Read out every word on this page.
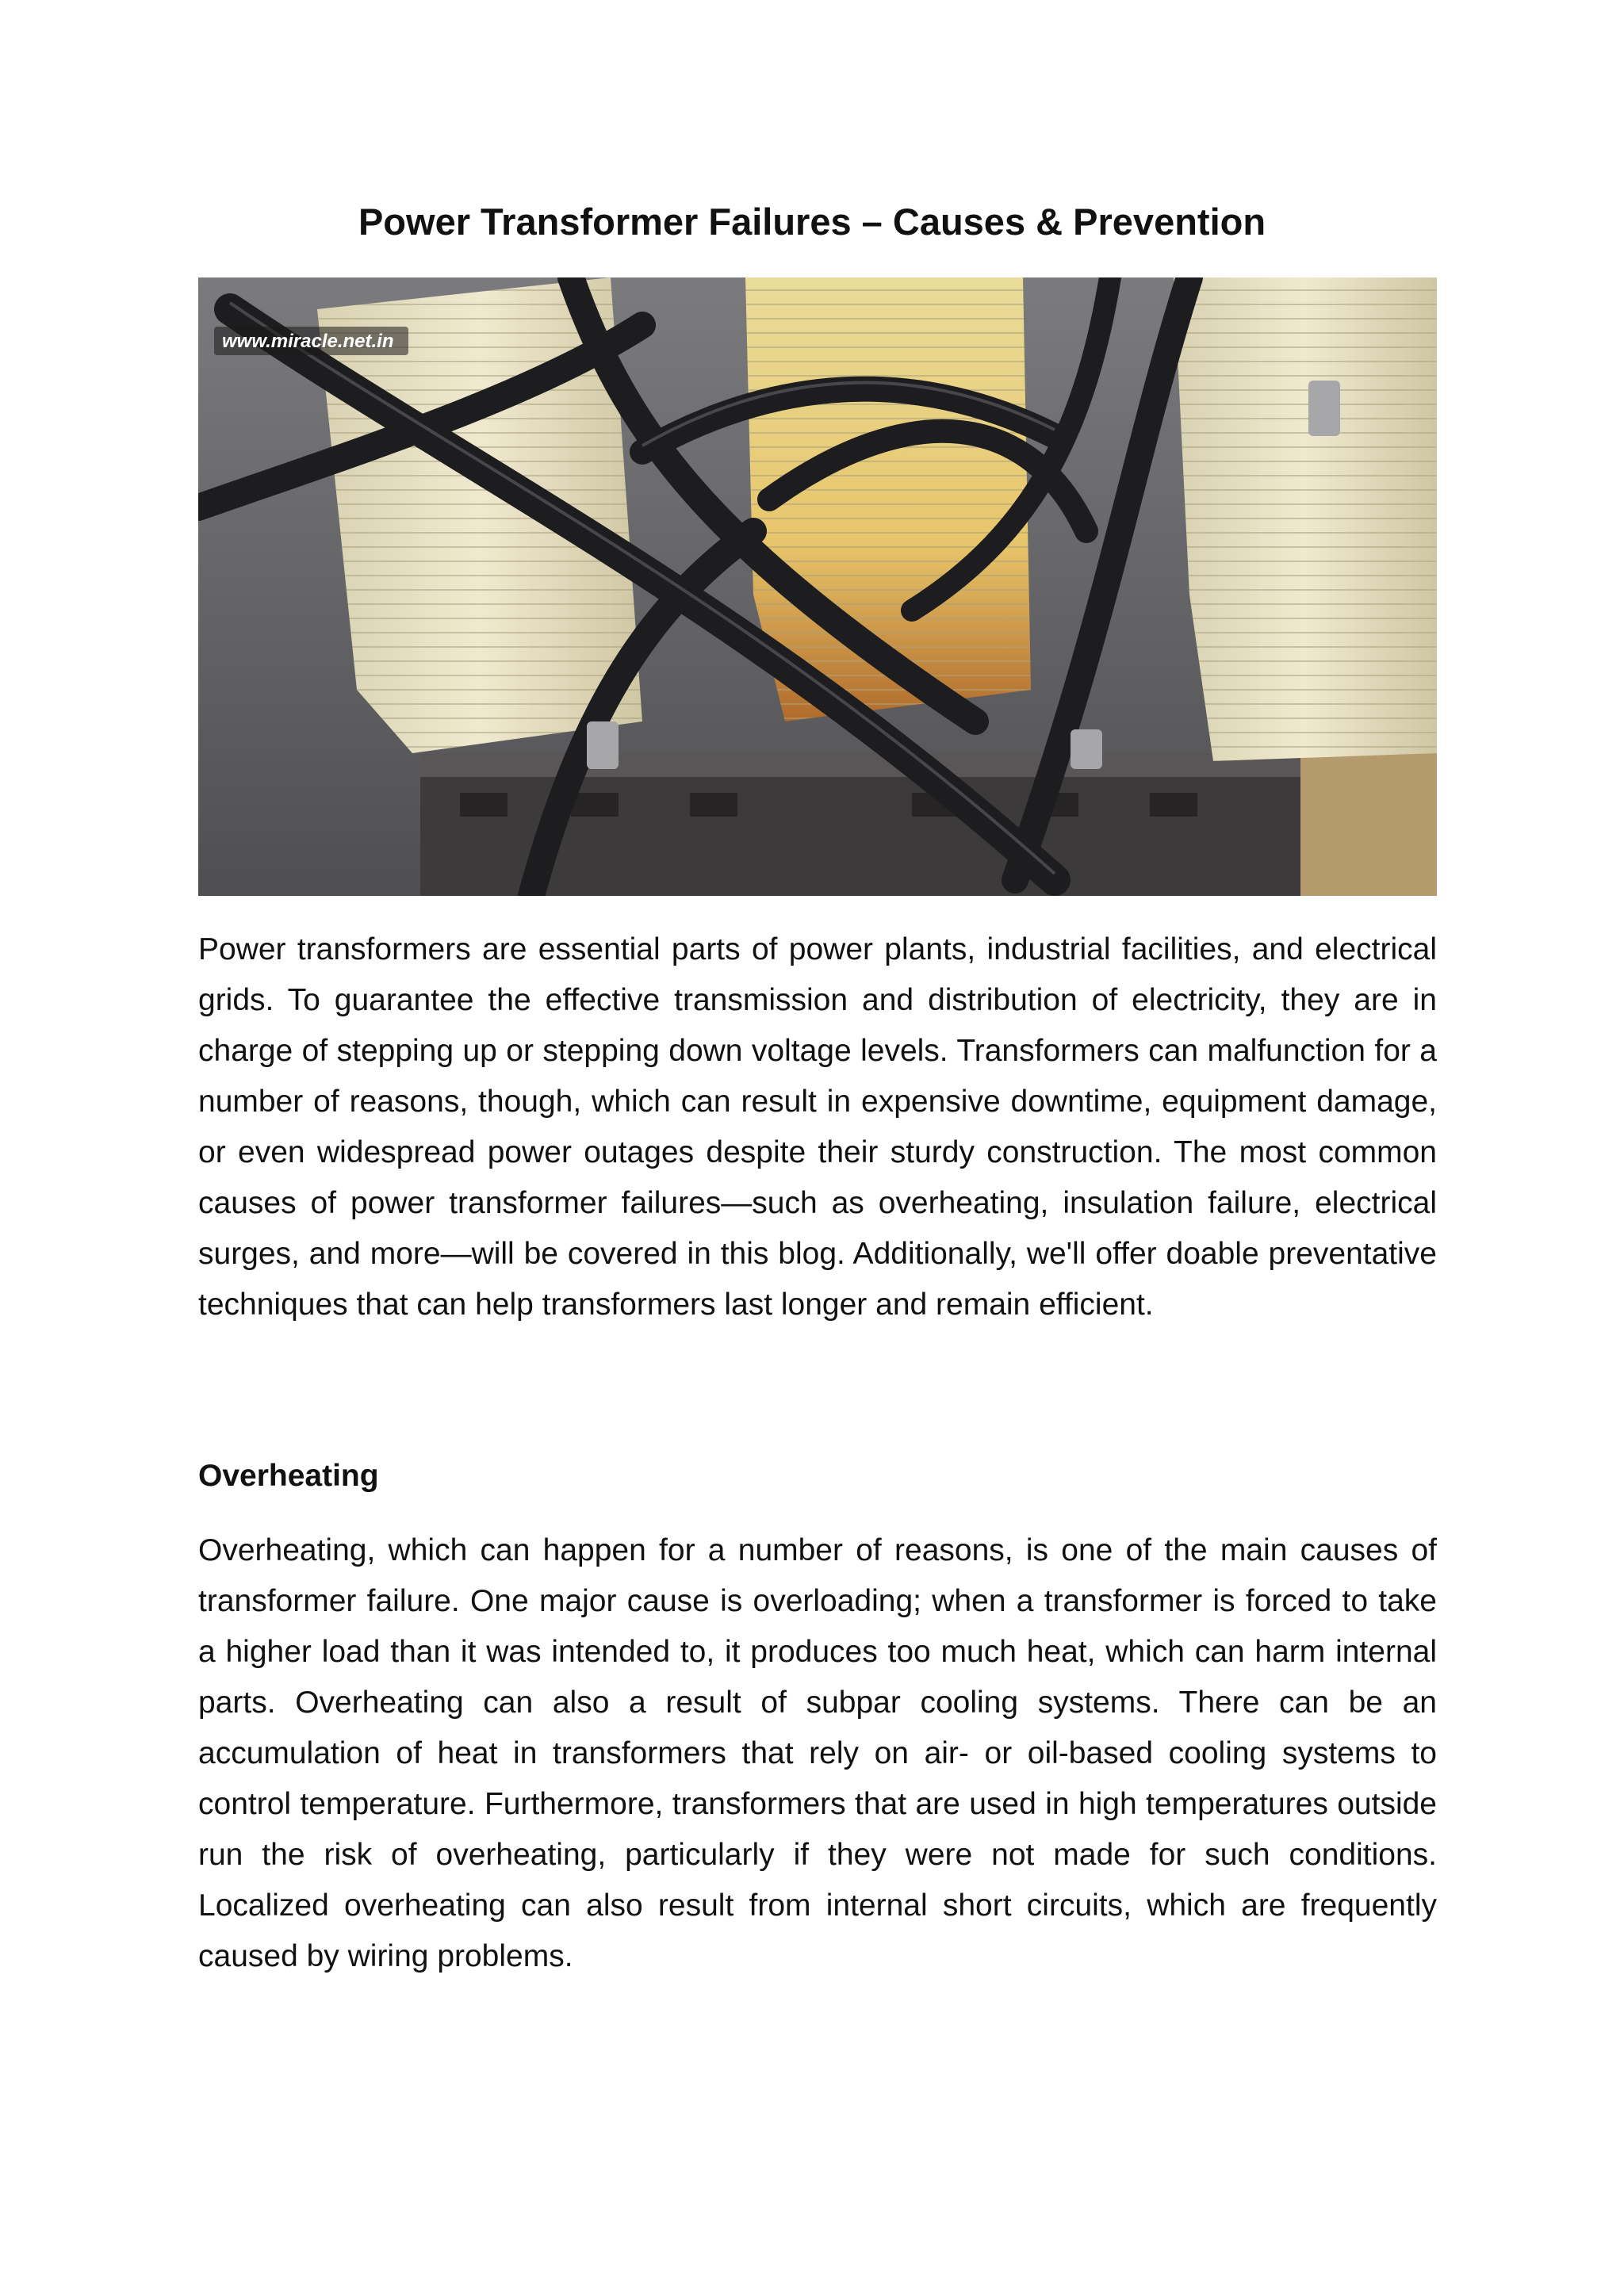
Power Transformer Failures – Causes & Prevention
www.miracle.net.in

Power transformers are essential parts of power plants, industrial facilities, and electrical grids. To guarantee the effective transmission and distribution of electricity, they are in charge of stepping up or stepping down voltage levels. Transformers can malfunction for a number of reasons, though, which can result in expensive downtime, equipment damage, or even widespread power outages despite their sturdy construction. The most common causes of power transformer failures—such as overheating, insulation failure, electrical surges, and more—will be covered in this blog. Additionally, we'll offer doable preventative techniques that can help transformers last longer and remain efficient.

Overheating

Overheating, which can happen for a number of reasons, is one of the main causes of transformer failure. One major cause is overloading; when a transformer is forced to take a higher load than it was intended to, it produces too much heat, which can harm internal parts. Overheating can also a result of subpar cooling systems. There can be an accumulation of heat in transformers that rely on air- or oil-based cooling systems to control temperature. Furthermore, transformers that are used in high temperatures outside run the risk of overheating, particularly if they were not made for such conditions. Localized overheating can also result from internal short circuits, which are frequently caused by wiring problems.
